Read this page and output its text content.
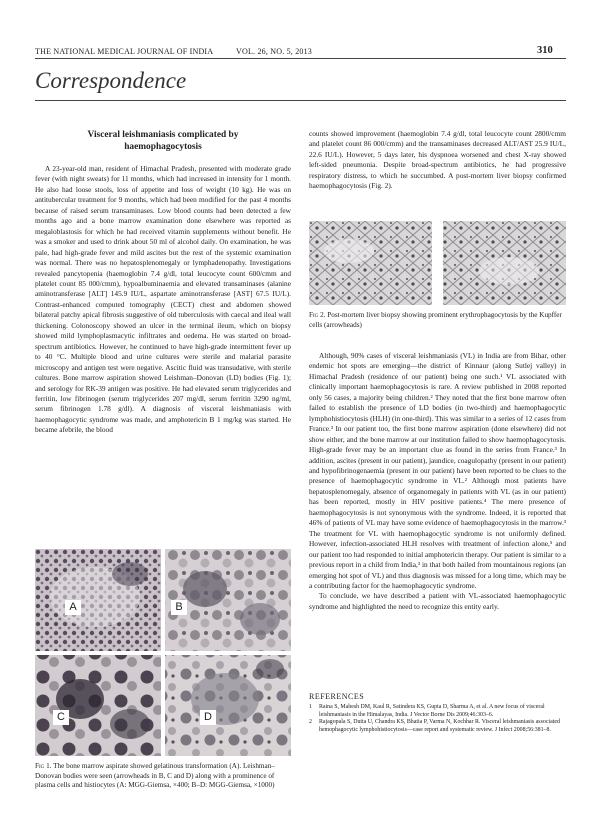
THE NATIONAL MEDICAL JOURNAL OF INDIA	VOL. 26, NO. 5, 2013	310
Correspondence
Visceral leishmaniasis complicated by
haemophagocytosis

A 23-year-old man, resident of Himachal Pradesh, presented with moderate grade fever (with night sweats) for 11 months, which had increased in intensity for 1 month. He also had loose stools, loss of appetite and loss of weight (10 kg). He was on antitubercular treatment for 9 months, which had been modified for the past 4 months because of raised serum transaminases. Low blood counts had been detected a few months ago and a bone marrow examination done elsewhere was reported as megaloblastosis for which he had received vitamin supplements without benefit. He was a smoker and used to drink about 50 ml of alcohol daily. On examination, he was pale, had high-grade fever and mild ascites but the rest of the systemic examination was normal. There was no hepatosplenomegaly or lymphadenopathy. Investigations revealed pancytopenia (haemoglobin 7.4 g/dl, total leucocyte count 600/cmm and platelet count 85 000/cmm), hypoalbuminaemia and elevated transaminases (alanine aminotransferase [ALT] 145.9 IU/L, aspartate aminotransferase [AST] 67.5 IU/L). Contrast-enhanced computed tomography (CECT) chest and abdomen showed bilateral patchy apical fibrosis suggestive of old tuberculosis with caecal and ileal wall thickening. Colonoscopy showed an ulcer in the terminal ileum, which on biopsy showed mild lymphoplasmacytic infiltrates and oedema. He was started on broad-spectrum antibiotics. However, he continued to have high-grade intermittent fever up to 40 °C. Multiple blood and urine cultures were sterile and malarial parasite microscopy and antigen test were negative. Ascitic fluid was transudative, with sterile cultures. Bone marrow aspiration showed Leishman–Donovan (LD) bodies (Fig. 1); and serology for RK-39 antigen was positive. He had elevated serum triglycerides and ferritin, low fibrinogen (serum triglycerides 207 mg/dl, serum ferritin 3290 ng/ml, serum fibrinogen 1.78 g/dl). A diagnosis of visceral leishmaniasis with haemophagocytic syndrome was made, and amphotericin B 1 mg/kg was started. He became afebrile, the blood

A	B
C	D
Fig 1. The bone marrow aspirate showed gelatinous transformation (A). Leishman–Donovan bodies were seen (arrowheads in B, C and D) along with a prominence of plasma cells and histiocytes (A: MGG-Giemsa, ×400; B–D: MGG-Giemsa, ×1000)

counts showed improvement (haemoglobin 7.4 g/dl, total leucocyte count 2800/cmm and platelet count 86 000/cmm) and the transaminases decreased ALT/AST 25.9 IU/L, 22.6 IU/L). However, 5 days later, his dyspnoea worsened and chest X-ray showed left-sided pneumonia. Despite broad-spectrum antibiotics, he had progressive respiratory distress, to which he succumbed. A post-mortem liver biopsy confirmed haemophagocytosis (Fig. 2).

Fig 2. Post-mortem liver biopsy showing prominent erythrophagocytosis by the Kupffer cells (arrowheads)

Although, 90% cases of visceral leishmaniasis (VL) in India are from Bihar, other endemic hot spots are emerging—the district of Kinnaur (along Sutlej valley) in Himachal Pradesh (residence of our patient) being one such.¹ VL associated with clinically important haemophagocytosis is rare. A review published in 2008 reported only 56 cases, a majority being children.² They noted that the first bone marrow often failed to establish the presence of LD bodies (in two-third) and haemophagocytic lymphohistiocytosis (HLH) (in one-third). This was similar to a series of 12 cases from France.³ In our patient too, the first bone marrow aspiration (done elsewhere) did not show either, and the bone marrow at our institution failed to show haemophagocytosis. High-grade fever may be an important clue as found in the series from France.³ In addition, ascites (present in our patient), jaundice, coagulopathy (present in our patient) and hypofibrinogenaemia (present in our patient) have been reported to be clues to the presence of haemophagocytic syndrome in VL.² Although most patients have hepatosplenomegaly, absence of organomegaly in patients with VL (as in our patient) has been reported, mostly in HIV positive patients.⁴ The mere presence of haemophagocytosis is not synonymous with the syndrome. Indeed, it is reported that 46% of patients of VL may have some evidence of haemophagocytosis in the marrow.³ The treatment for VL with haemophagocytic syndrome is not uniformly defined. However, infection-associated HLH resolves with treatment of infection alone,⁵ and our patient too had responded to initial amphotericin therapy. Our patient is similar to a previous report in a child from India,³ in that both hailed from mountainous regions (an emerging hot spot of VL) and thus diagnosis was missed for a long time, which may be a contributing factor for the haemophagocytic syndrome.

To conclude, we have described a patient with VL-associated haemophagocytic syndrome and highlighted the need to recognize this entity early.

REFERENCES
1 Raina S, Mahesh DM, Kaul R, Satindera KS, Gupta D, Sharma A, et al. A new focus of visceral leishmaniasis in the Himalayas, India. J Vector Borne Dis 2009;46:303–6.
2 Rajagopala S, Dutta U, Chandra KS, Bhatia P, Varma N, Kochhar R. Visceral leishmaniasis associated hemophagocytic lymphohistiocytosis—case report and systematic review. J Infect 2008;56:381–8.
